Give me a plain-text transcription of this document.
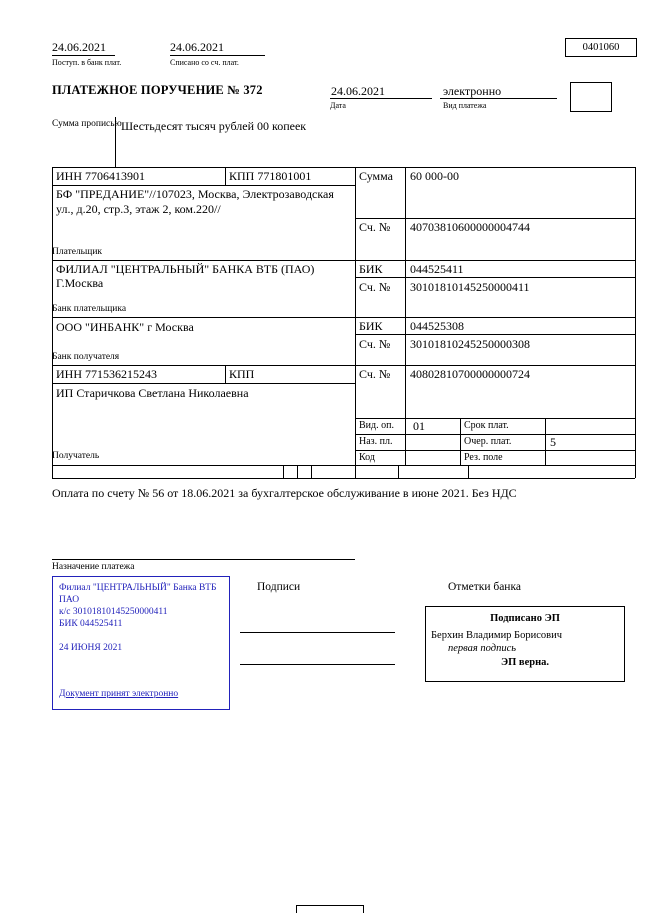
24.06.2021
Поступ. в банк плат.
24.06.2021
Списано со сч. плат.
0401060
ПЛАТЕЖНОЕ ПОРУЧЕНИЕ № 372	24.06.2021
Дата
электронно
Вид платежа
Сумма прописью Шестьдесят тысяч рублей 00 копеек
ИНН 7706413901	КПП 771801001	Сумма 60 000-00
БФ "ПРЕДАНИЕ"//107023, Москва, Электрозаводская ул., д.20, стр.3, этаж 2, ком.220//
Сч. № 40703810600000004744
Плательщик
ФИЛИАЛ "ЦЕНТРАЛЬНЫЙ" БАНКА ВТБ (ПАО) Г.Москва
БИК 044525411
Сч. № 30101810145250000411
Банк плательщика
ООО "ИНБАНК" г Москва	БИК 044525308
Сч. № 30101810245250000308
Банк получателя
ИНН 771536215243	КПП	Сч. № 40802810700000000724
ИП Старичкова Светлана Николаевна
Вид. оп. 01	Срок плат.
Наз. пл.	Очер. плат.	5
Код	Рез. поле
Получатель
Оплата по счету № 56 от 18.06.2021 за бухгалтерское обслуживание в июне 2021. Без НДС
Назначение платежа
Подписи	Отметки банка
Филиал "ЦЕНТРАЛЬНЫЙ" Банка ВТБ ПАО
к/с 30101810145250000411
БИК 044525411
24 ИЮНЯ 2021
Документ принят электронно
Подписано ЭП
Берхин Владимир Борисович
первая подпись
ЭП верна.
